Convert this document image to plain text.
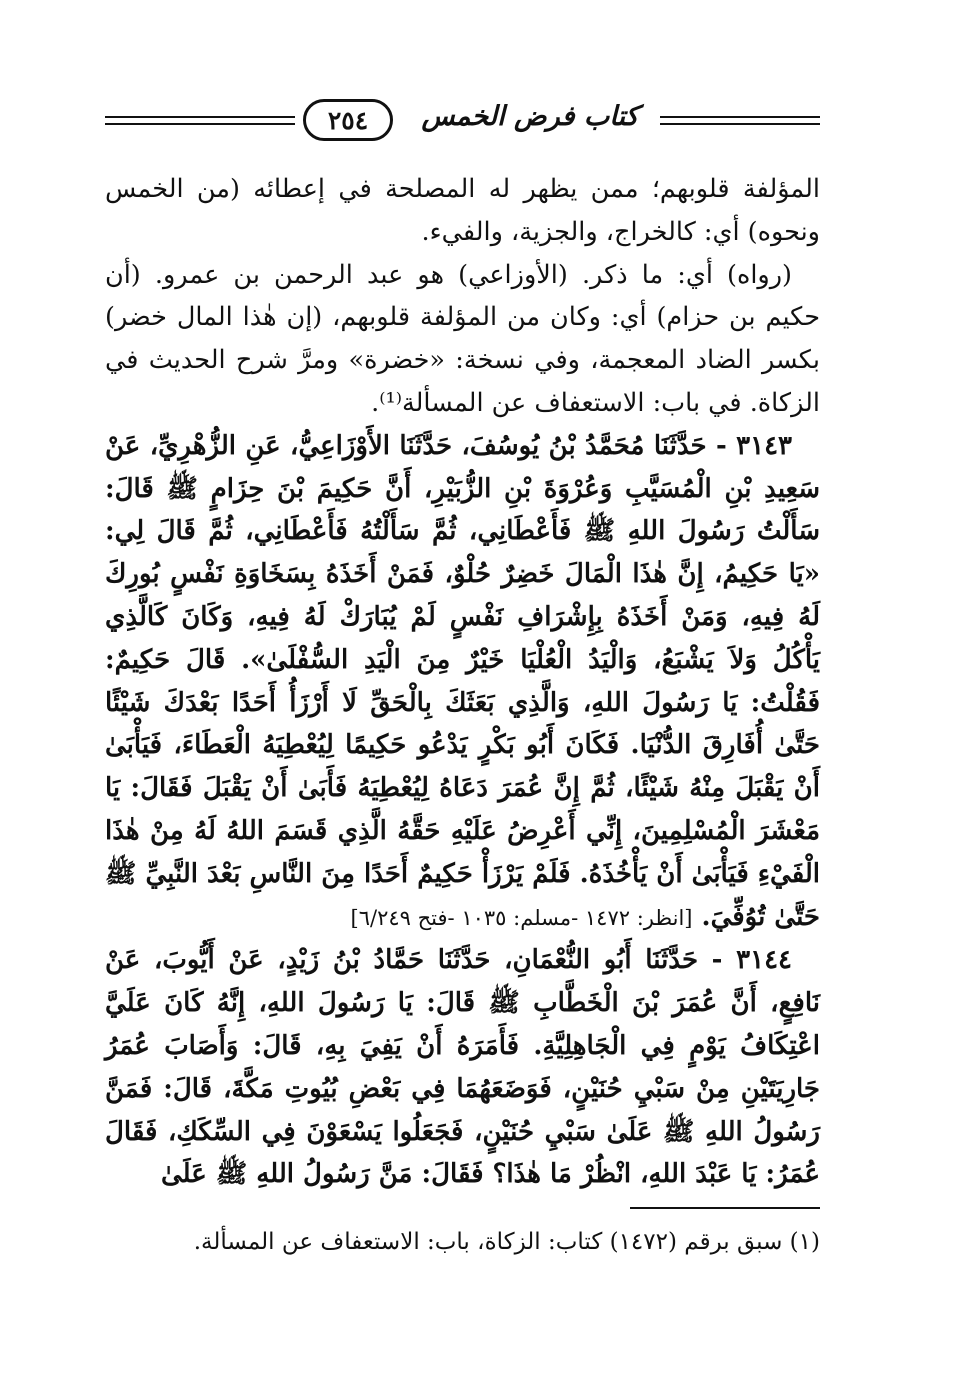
٢٥٤	كتاب فرض الخمس

المؤلفة قلوبهم؛ ممن يظهر له المصلحة في إعطائه (من الخمس ونحوه) أي: كالخراج، والجزية، والفيء.

(رواه) أي: ما ذكر. (الأوزاعي) هو عبد الرحمن بن عمرو. (أن حكيم بن حزام) أي: وكان من المؤلفة قلوبهم، (إن هٰذا المال خضر) بكسر الضاد المعجمة، وفي نسخة: «خضرة» ومرَّ شرح الحديث في الزكاة. في باب: الاستعفاف عن المسألة⁽¹⁾.

٣١٤٣ - حَدَّثَنَا مُحَمَّدُ بْنُ يُوسُفَ، حَدَّثَنَا الأَوْزَاعِيُّ، عَنِ الزُّهْرِيِّ، عَنْ سَعِيدِ بْنِ الْمُسَيَّبِ وَعُرْوَةَ بْنِ الزُّبَيْرِ، أَنَّ حَكِيمَ بْنَ حِزَامٍ ﷺ قَالَ: سَأَلْتُ رَسُولَ اللهِ ﷺ فَأَعْطَانِي، ثُمَّ سَأَلْتُهُ فَأَعْطَانِي، ثُمَّ قَالَ لِي: «يَا حَكِيمُ، إِنَّ هٰذَا الْمَالَ خَضِرٌ حُلْوٌ، فَمَنْ أَخَذَهُ بِسَخَاوَةِ نَفْسٍ بُورِكَ لَهُ فِيهِ، وَمَنْ أَخَذَهُ بِإِشْرَافِ نَفْسٍ لَمْ يُبَارَكْ لَهُ فِيهِ، وَكَانَ كَالَّذِي يَأْكُلُ وَلاَ يَشْبَعُ، وَالْيَدُ الْعُلْيَا خَيْرٌ مِنَ الْيَدِ السُّفْلَىٰ». قَالَ حَكِيمٌ: فَقُلْتُ: يَا رَسُولَ اللهِ، وَالَّذِي بَعَثَكَ بِالْحَقِّ لَا أَرْزَأُ أَحَدًا بَعْدَكَ شَيْئًا حَتَّىٰ أُفَارِقَ الدُّنْيَا. فَكَانَ أَبُو بَكْرٍ يَدْعُو حَكِيمًا لِيُعْطِيَهُ الْعَطَاءَ، فَيَأْبَىٰ أَنْ يَقْبَلَ مِنْهُ شَيْئًا، ثُمَّ إِنَّ عُمَرَ دَعَاهُ لِيُعْطِيَهُ فَأَبَىٰ أَنْ يَقْبَلَ فَقَالَ: يَا مَعْشَرَ الْمُسْلِمِينَ، إِنِّي أَعْرِضُ عَلَيْهِ حَقَّهُ الَّذِي قَسَمَ اللهُ لَهُ مِنْ هٰذَا الْفَيْءِ فَيَأْبَىٰ أَنْ يَأْخُذَهُ. فَلَمْ يَرْزَأْ حَكِيمٌ أَحَدًا مِنَ النَّاسِ بَعْدَ النَّبِيِّ ﷺ حَتَّىٰ تُوُفِّيَ. [انظر: ١٤٧٢ -مسلم: ١٠٣٥ -فتح ٦/٢٤٩]

٣١٤٤ - حَدَّثَنَا أَبُو النُّعْمَانِ، حَدَّثَنَا حَمَّادُ بْنُ زَيْدٍ، عَنْ أَيُّوبَ، عَنْ نَافِعٍ، أَنَّ عُمَرَ بْنَ الْخَطَّابِ ﷺ قَالَ: يَا رَسُولَ اللهِ، إِنَّهُ كَانَ عَلَيَّ اعْتِكَافُ يَوْمٍ فِي الْجَاهِلِيَّةِ. فَأَمَرَهُ أَنْ يَفِيَ بِهِ، قَالَ: وَأَصَابَ عُمَرُ جَارِيَتَيْنِ مِنْ سَبْيِ حُنَيْنٍ، فَوَضَعَهُمَا فِي بَعْضِ بُيُوتِ مَكَّةَ، قَالَ: فَمَنَّ رَسُولُ اللهِ ﷺ عَلَىٰ سَبْيِ حُنَيْنٍ، فَجَعَلُوا يَسْعَوْنَ فِي السِّكَكِ، فَقَالَ عُمَرُ: يَا عَبْدَ اللهِ، انْظُرْ مَا هٰذَا؟ فَقَالَ: مَنَّ رَسُولُ اللهِ ﷺ عَلَىٰ

(١) سبق برقم (١٤٧٢) كتاب: الزكاة، باب: الاستعفاف عن المسألة.
